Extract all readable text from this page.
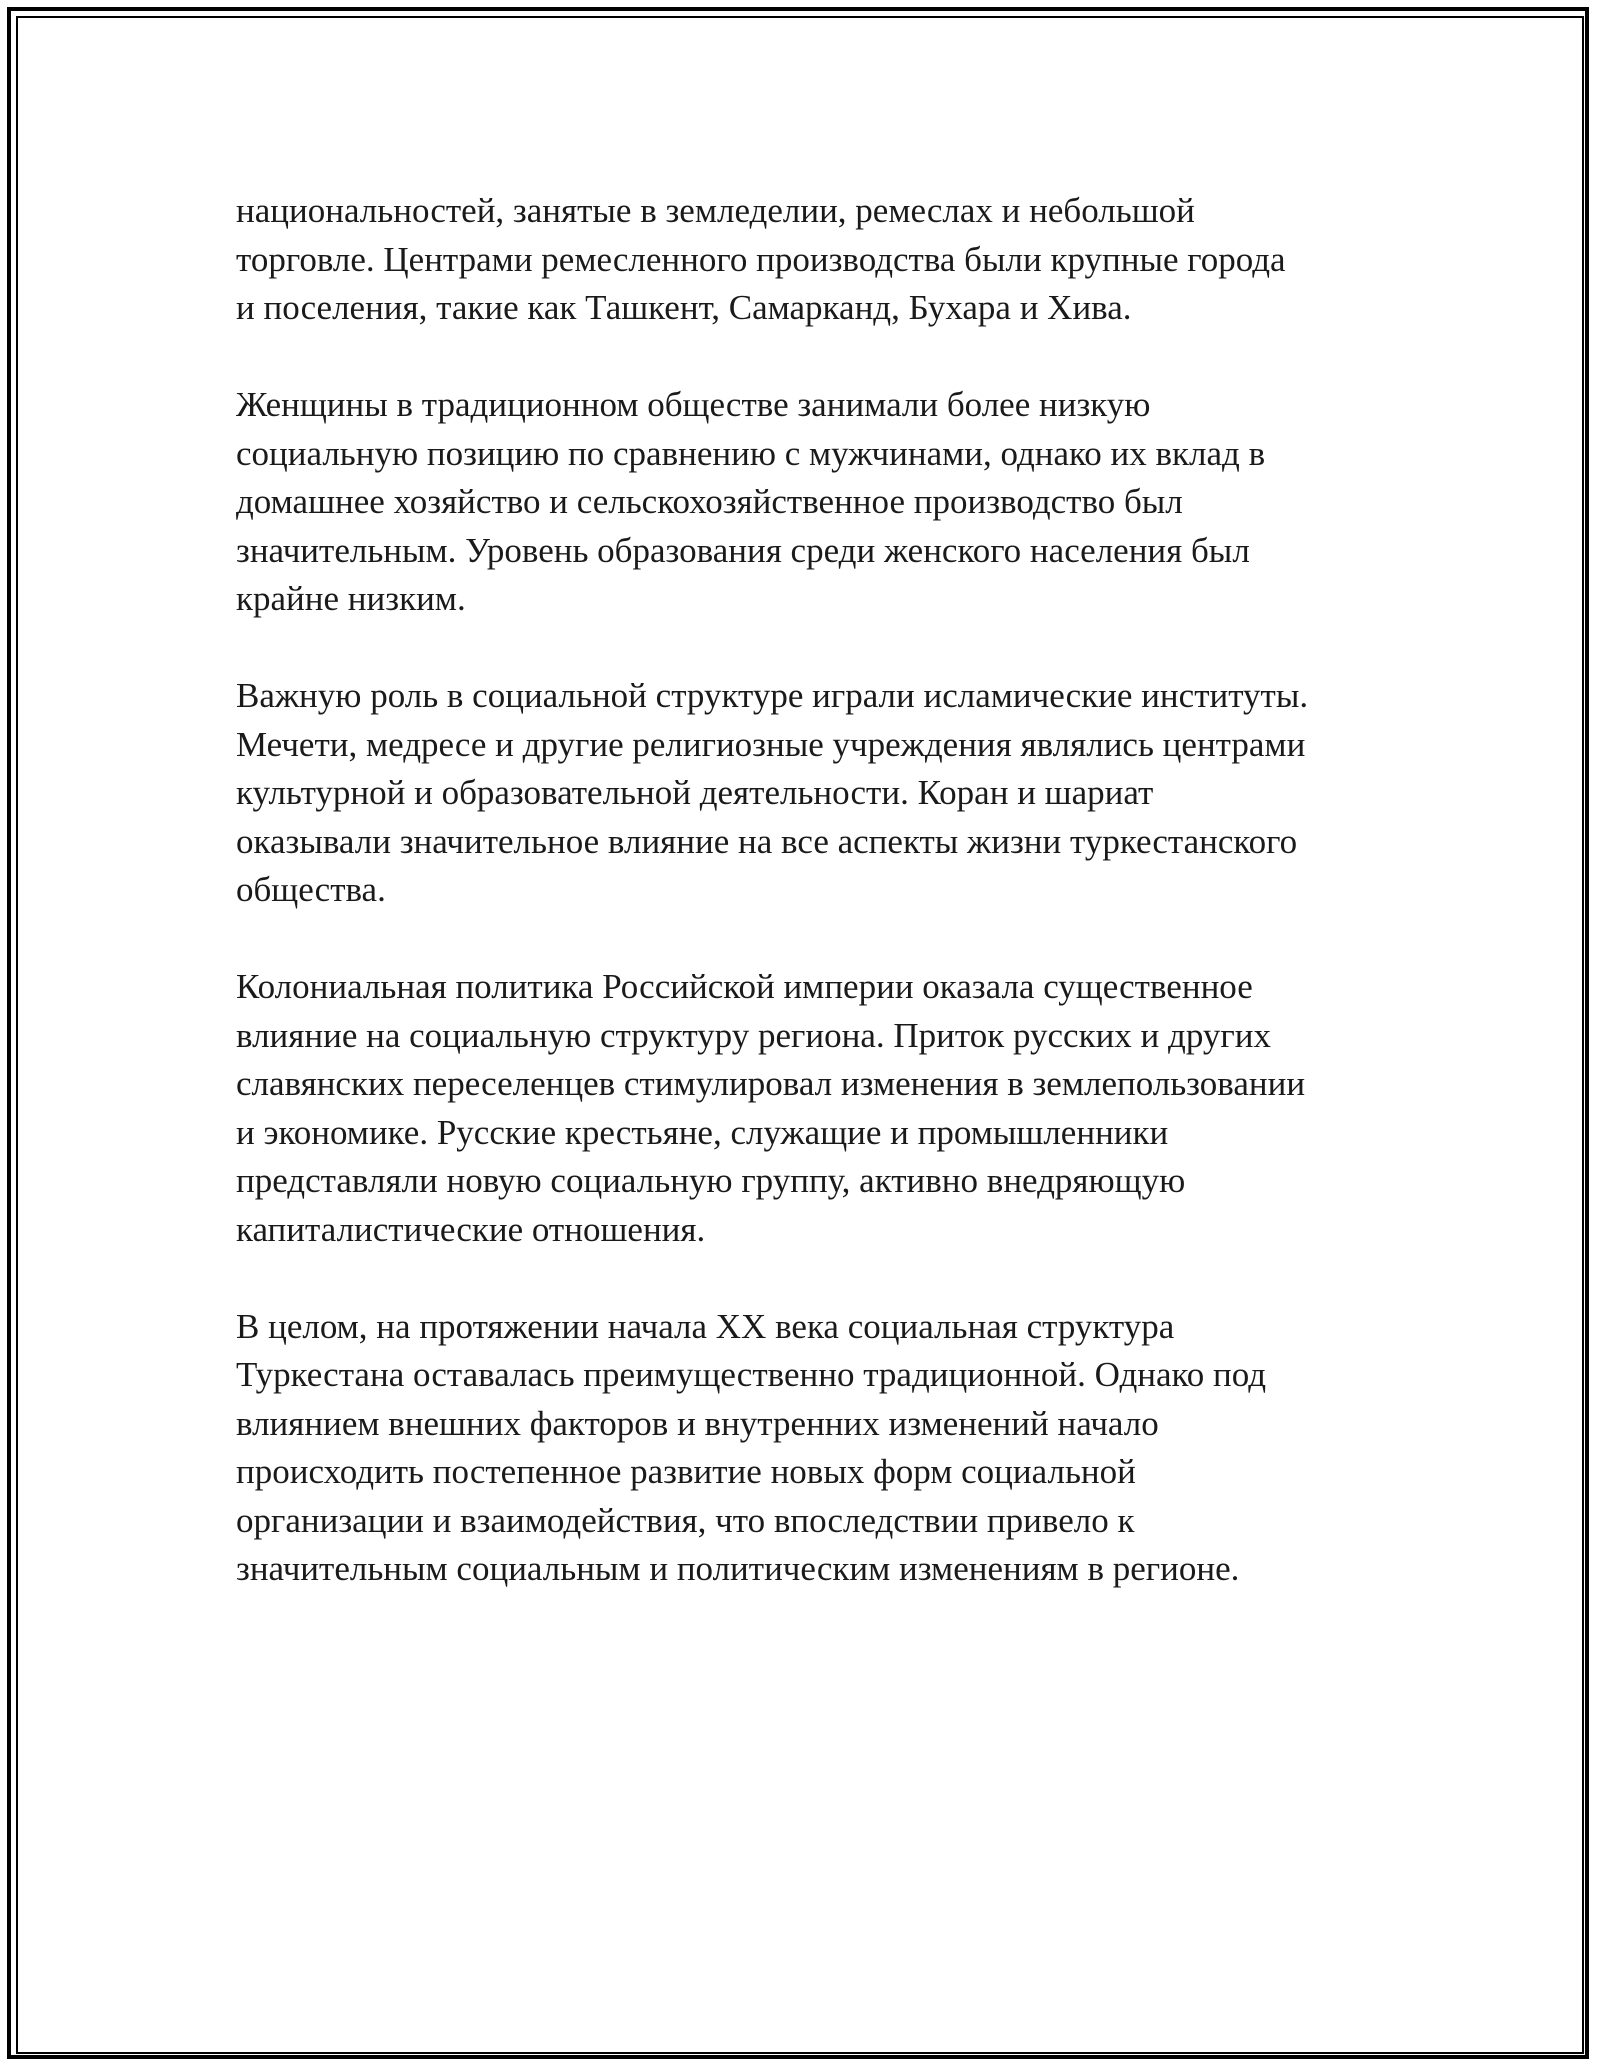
национальностей, занятые в земледелии, ремеслах и небольшой
торговле. Центрами ремесленного производства были крупные города
и поселения, такие как Ташкент, Самарканд, Бухара и Хива.

Женщины в традиционном обществе занимали более низкую
социальную позицию по сравнению с мужчинами, однако их вклад в
домашнее хозяйство и сельскохозяйственное производство был
значительным. Уровень образования среди женского населения был
крайне низким.

Важную роль в социальной структуре играли исламические институты.
Мечети, медресе и другие религиозные учреждения являлись центрами
культурной и образовательной деятельности. Коран и шариат
оказывали значительное влияние на все аспекты жизни туркестанского
общества.

Колониальная политика Российской империи оказала существенное
влияние на социальную структуру региона. Приток русских и других
славянских переселенцев стимулировал изменения в землепользовании
и экономике. Русские крестьяне, служащие и промышленники
представляли новую социальную группу, активно внедряющую
капиталистические отношения.

В целом, на протяжении начала XX века социальная структура
Туркестана оставалась преимущественно традиционной. Однако под
влиянием внешних факторов и внутренних изменений начало
происходить постепенное развитие новых форм социальной
организации и взаимодействия, что впоследствии привело к
значительным социальным и политическим изменениям в регионе.
